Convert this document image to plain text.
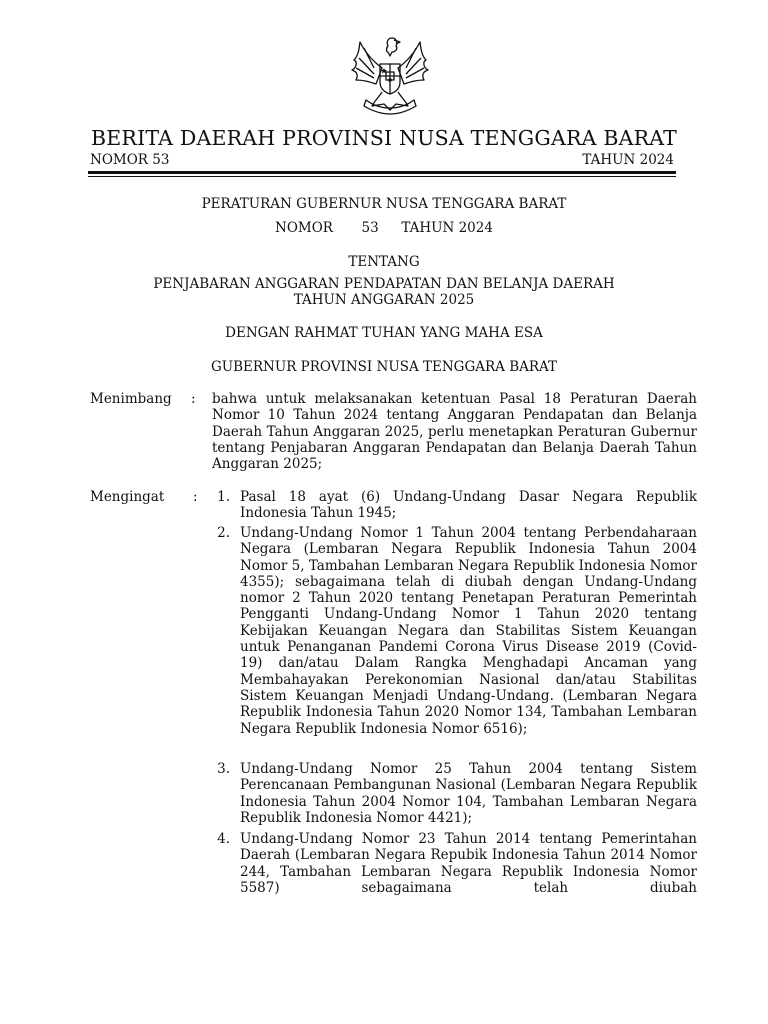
BERITA DAERAH PROVINSI NUSA TENGGARA BARAT
NOMOR 53	TAHUN 2024
PERATURAN GUBERNUR NUSA TENGGARA BARAT
NOMOR 53 TAHUN 2024
TENTANG
PENJABARAN ANGGARAN PENDAPATAN DAN BELANJA DAERAH
TAHUN ANGGARAN 2025
DENGAN RAHMAT TUHAN YANG MAHA ESA
GUBERNUR PROVINSI NUSA TENGGARA BARAT
Menimbang : bahwa untuk melaksanakan ketentuan Pasal 18 Peraturan Daerah Nomor 10 Tahun 2024 tentang Anggaran Pendapatan dan Belanja Daerah Tahun Anggaran 2025, perlu menetapkan Peraturan Gubernur tentang Penjabaran Anggaran Pendapatan dan Belanja Daerah Tahun Anggaran 2025;
Mengingat :	1. Pasal 18 ayat (6) Undang-Undang Dasar Negara Republik Indonesia Tahun 1945;
2. Undang-Undang Nomor 1 Tahun 2004 tentang Perbendaharaan Negara (Lembaran Negara Republik Indonesia Tahun 2004 Nomor 5, Tambahan Lembaran Negara Republik Indonesia Nomor 4355); sebagaimana telah di diubah dengan Undang-Undang nomor 2 Tahun 2020 tentang Penetapan Peraturan Pemerintah Pengganti Undang-Undang Nomor 1 Tahun 2020 tentang Kebijakan Keuangan Negara dan Stabilitas Sistem Keuangan untuk Penanganan Pandemi Corona Virus Disease 2019 (Covid-19) dan/atau Dalam Rangka Menghadapi Ancaman yang Membahayakan Perekonomian Nasional dan/atau Stabilitas Sistem Keuangan Menjadi Undang-Undang. (Lembaran Negara Republik Indonesia Tahun 2020 Nomor 134, Tambahan Lembaran Negara Republik Indonesia Nomor 6516);
3. Undang-Undang Nomor 25 Tahun 2004 tentang Sistem Perencanaan Pembangunan Nasional (Lembaran Negara Republik Indonesia Tahun 2004 Nomor 104, Tambahan Lembaran Negara Republik Indonesia Nomor 4421);
4. Undang-Undang Nomor 23 Tahun 2014 tentang Pemerintahan Daerah (Lembaran Negara Repubik Indonesia Tahun 2014 Nomor 244, Tambahan Lembaran Negara Republik Indonesia Nomor 5587) sebagaimana telah diubah
